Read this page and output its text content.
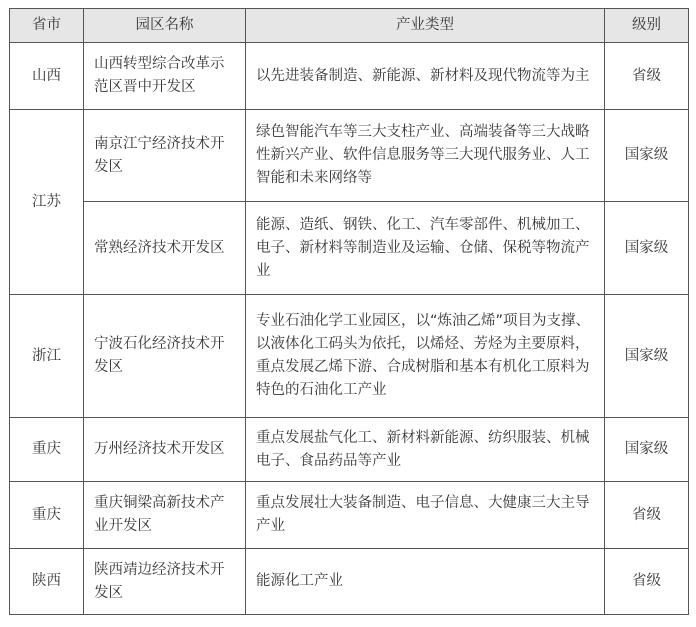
省市	园区名称	产业类型	级别
山西	山西转型综合改革示范区晋中开发区	以先进装备制造、新能源、新材料及现代物流等为主	省级
江苏	南京江宁经济技术开发区	绿色智能汽车等三大支柱产业、高端装备等三大战略性新兴产业、软件信息服务等三大现代服务业、人工智能和未来网络等	国家级
	常熟经济技术开发区	能源、造纸、钢铁、化工、汽车零部件、机械加工、电子、新材料等制造业及运输、仓储、保税等物流产业	国家级
浙江	宁波石化经济技术开发区	专业石油化学工业园区，以“炼油乙烯”项目为支撑、以液体化工码头为依托，以烯烃、芳烃为主要原料，重点发展乙烯下游、合成树脂和基本有机化工原料为特色的石油化工产业	国家级
重庆	万州经济技术开发区	重点发展盐气化工、新材料新能源、纺织服装、机械电子、食品药品等产业	国家级
重庆	重庆铜梁高新技术产业开发区	重点发展壮大装备制造、电子信息、大健康三大主导产业	省级
陕西	陕西靖边经济技术开发区	能源化工产业	省级
